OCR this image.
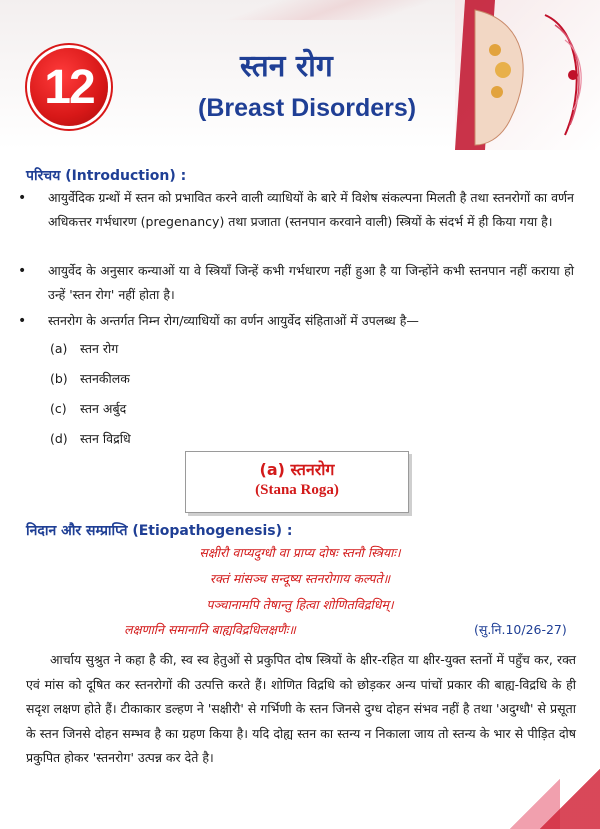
12	स्तन रोग
(Breast Disorders)
परिचय (Introduction) :
• आयुर्वेदिक ग्रन्थों में स्तन को प्रभावित करने वाली व्याधियों के बारे में विशेष संकल्पना मिलती है तथा स्तनरोगों का वर्णन अधिकत्तर गर्भधारण (pregenancy) तथा प्रजाता (स्तनपान करवाने वाली) स्त्रियों के संदर्भ में ही किया गया है।
• आयुर्वेद के अनुसार कन्याओं या वे स्त्रियाँ जिन्हें कभी गर्भधारण नहीं हुआ है या जिन्होंने कभी स्तनपान नहीं कराया हो उन्हें 'स्तन रोग' नहीं होता है।
• स्तनरोग के अन्तर्गत निम्न रोग/व्याधियों का वर्णन आयुर्वेद संहिताओं में उपलब्ध है—
(a) स्तन रोग
(b) स्तनकीलक
(c) स्तन अर्बुद
(d) स्तन विद्रधि
(a) स्तनरोग
(Stana Roga)
निदान और सम्प्राप्ति (Etiopathogenesis) :
सक्षीरौ वाप्यदुग्धौ वा प्राप्य दोषः स्तनौ स्त्रियाः।
रक्तं मांसञ्च सन्दूष्य स्तनरोगाय कल्पते॥
पञ्चानामपि तेषान्तु हित्वा शोणितविद्रधिम्।
लक्षणानि समानानि बाह्यविद्रधिलक्षणैः॥	(सु.नि.10/26-27)
आर्चाय सुश्रुत ने कहा है की, स्व स्व हेतुओं से प्रकुपित दोष स्त्रियों के क्षीर-रहित या क्षीर-युक्त स्तनों में पहुँच कर, रक्त एवं मांस को दूषित कर स्तनरोगों की उत्पत्ति करते हैं। शोणित विद्रधि को छोड़कर अन्य पांचों प्रकार की बाह्य-विद्रधि के ही सदृश लक्षण होते हैं। टीकाकार डल्हण ने 'सक्षीरौ' से गर्भिणी के स्तन जिनसे दुग्ध दोहन संभव नहीं है तथा 'अदुग्धौ' से प्रसूता के स्तन जिनसे दोहन सम्भव है का ग्रहण किया है। यदि दोह्य स्तन का स्तन्य न निकाला जाय तो स्तन्य के भार से पीड़ित दोष प्रकुपित होकर 'स्तनरोग' उत्पन्न कर देते है।
